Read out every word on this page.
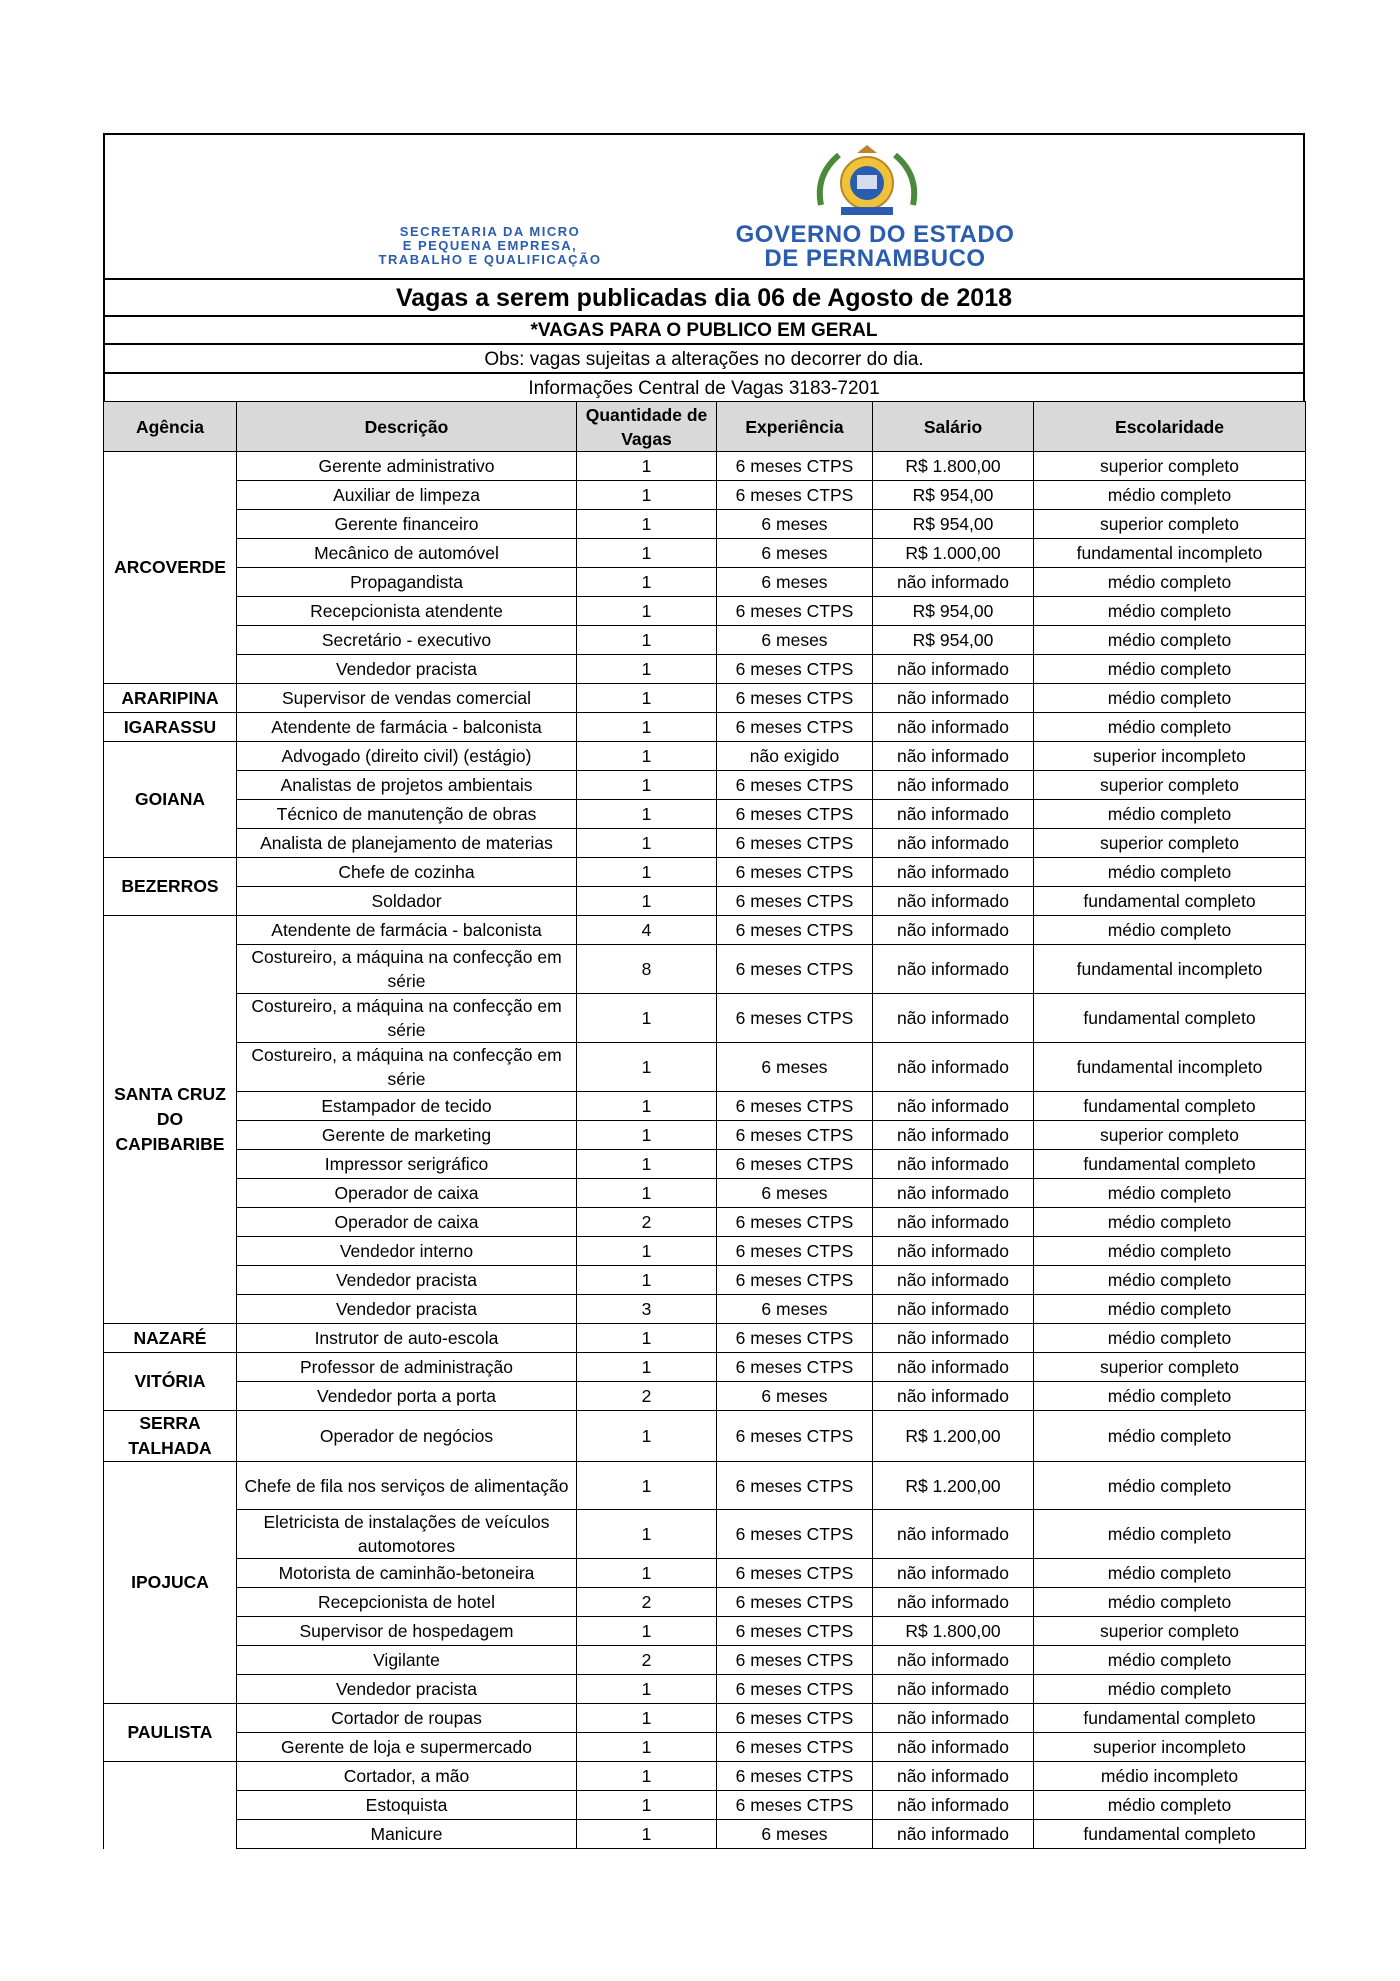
SECRETARIA DA MICRO
E PEQUENA EMPRESA,
TRABALHO E QUALIFICAÇÃO
GOVERNO DO ESTADO
DE PERNAMBUCO
Vagas a serem publicadas dia 06 de Agosto de 2018
*VAGAS PARA O PUBLICO EM GERAL
Obs: vagas sujeitas a alterações no decorrer do dia.
Informações Central de Vagas 3183-7201
Agência	Descrição	Quantidade de Vagas	Experiência	Salário	Escolaridade
ARCOVERDE	Gerente administrativo	1	6 meses CTPS	R$ 1.800,00	superior completo
	Auxiliar de limpeza	1	6 meses CTPS	R$ 954,00	médio completo
	Gerente financeiro	1	6 meses	R$ 954,00	superior completo
	Mecânico de automóvel	1	6 meses	R$ 1.000,00	fundamental incompleto
	Propagandista	1	6 meses	não informado	médio completo
	Recepcionista atendente	1	6 meses CTPS	R$ 954,00	médio completo
	Secretário - executivo	1	6 meses	R$ 954,00	médio completo
	Vendedor pracista	1	6 meses CTPS	não informado	médio completo
ARARIPINA	Supervisor de vendas comercial	1	6 meses CTPS	não informado	médio completo
IGARASSU	Atendente de farmácia - balconista	1	6 meses CTPS	não informado	médio completo
GOIANA	Advogado (direito civil) (estágio)	1	não exigido	não informado	superior incompleto
	Analistas de projetos ambientais	1	6 meses CTPS	não informado	superior completo
	Técnico de manutenção de obras	1	6 meses CTPS	não informado	médio completo
	Analista de planejamento de materias	1	6 meses CTPS	não informado	superior completo
BEZERROS	Chefe de cozinha	1	6 meses CTPS	não informado	médio completo
	Soldador	1	6 meses CTPS	não informado	fundamental completo
SANTA CRUZ DO CAPIBARIBE	Atendente de farmácia - balconista	4	6 meses CTPS	não informado	médio completo
	Costureiro, a máquina na confecção em série	8	6 meses CTPS	não informado	fundamental incompleto
	Costureiro, a máquina na confecção em série	1	6 meses CTPS	não informado	fundamental completo
	Costureiro, a máquina na confecção em série	1	6 meses	não informado	fundamental incompleto
	Estampador de tecido	1	6 meses CTPS	não informado	fundamental completo
	Gerente de marketing	1	6 meses CTPS	não informado	superior completo
	Impressor serigráfico	1	6 meses CTPS	não informado	fundamental completo
	Operador de caixa	1	6 meses	não informado	médio completo
	Operador de caixa	2	6 meses CTPS	não informado	médio completo
	Vendedor interno	1	6 meses CTPS	não informado	médio completo
	Vendedor pracista	1	6 meses CTPS	não informado	médio completo
	Vendedor pracista	3	6 meses	não informado	médio completo
NAZARÉ	Instrutor de auto-escola	1	6 meses CTPS	não informado	médio completo
VITÓRIA	Professor de administração	1	6 meses CTPS	não informado	superior completo
	Vendedor porta a porta	2	6 meses	não informado	médio completo
SERRA TALHADA	Operador de negócios	1	6 meses CTPS	R$ 1.200,00	médio completo
IPOJUCA	Chefe de fila nos serviços de alimentação	1	6 meses CTPS	R$ 1.200,00	médio completo
	Eletricista de instalações de veículos automotores	1	6 meses CTPS	não informado	médio completo
	Motorista de caminhão-betoneira	1	6 meses CTPS	não informado	médio completo
	Recepcionista de hotel	2	6 meses CTPS	não informado	médio completo
	Supervisor de hospedagem	1	6 meses CTPS	R$ 1.800,00	superior completo
	Vigilante	2	6 meses CTPS	não informado	médio completo
	Vendedor pracista	1	6 meses CTPS	não informado	médio completo
PAULISTA	Cortador de roupas	1	6 meses CTPS	não informado	fundamental completo
	Gerente de loja e supermercado	1	6 meses CTPS	não informado	superior incompleto
	Cortador, a mão	1	6 meses CTPS	não informado	médio incompleto
	Estoquista	1	6 meses CTPS	não informado	médio completo
	Manicure	1	6 meses	não informado	fundamental completo
